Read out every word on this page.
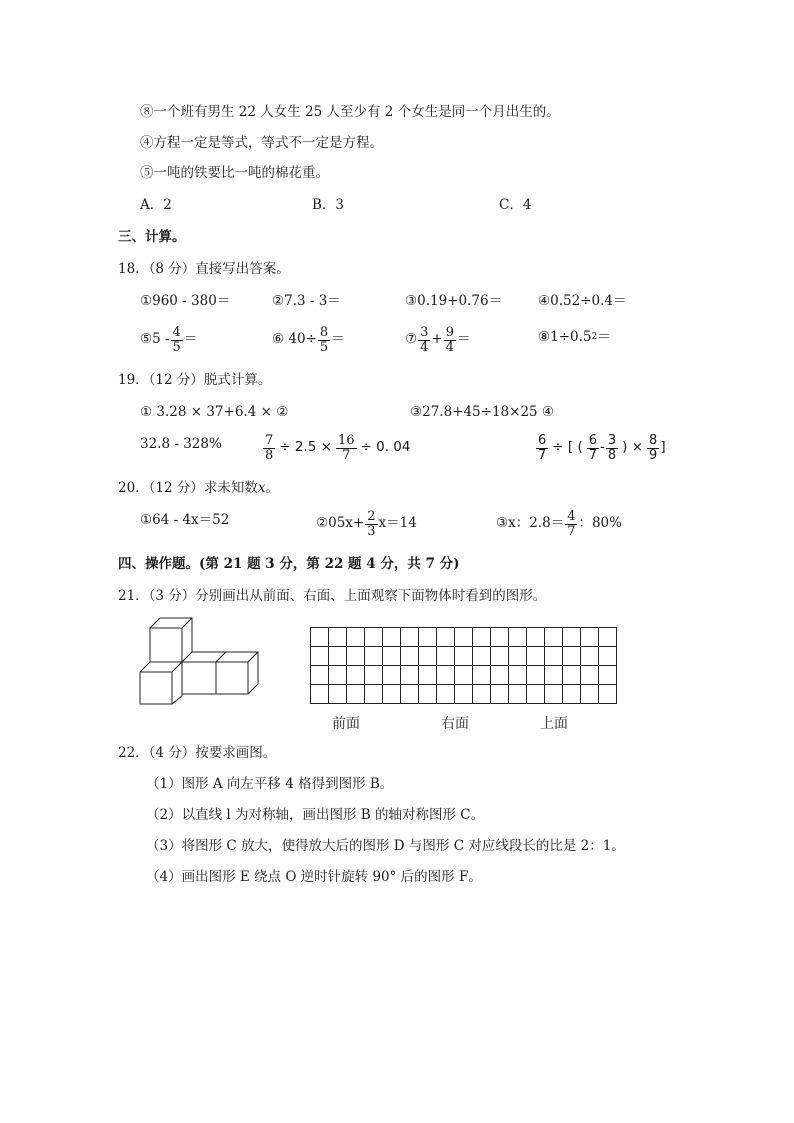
⑧一个班有男生 22 人女生 25 人至少有 2 个女生是同一个月出生的。
④方程一定是等式，等式不一定是方程。
⑤一吨的铁要比一吨的棉花重。
A．2	B．3	C．4
三、计算。
18．（8 分）直接写出答案。
①960 - 380＝	②7.3 - 3＝	③0.19+0.76＝	④0.52÷0.4＝
⑤5 - $\frac{4}{5}$ ＝	⑥ $40\div \frac{8}{5}$ ＝	⑦ $\frac{3}{4} + \frac{9}{4}$ ＝	⑧1÷0.5 2 ＝
19．（12 分）脱式计算。
① 3.28 × 37+6.4 × ②	③27.8+45÷18×25 ④
32.8 - 328%	$\frac{7}{8} \div 2.5 \times \frac{16}{7} \div 0$. 04	$\frac{6}{7}$ ÷ [ ( $\frac{6}{7} - \frac{3}{8}$ ) × $\frac{8}{9}$ ]
20．（12 分）求未知数x。
①64 - 4x＝52	②05x+ $\frac{2}{3} x=14$	③x：$2.8= \frac{4}{7}$ ：80%
四、操作题。(第 21 题 3 分，第 22 题 4 分，共 7 分)
21．（3 分）分别画出从前面、右面、上面观察下面物体时看到的图形。

前面	右面	上面
22．（4 分）按要求画图。
（1）图形 A 向左平移 4 格得到图形 B。
（2）以直线 l 为对称轴，画出图形 B 的轴对称图形 C。
（3）将图形 C 放大，使得放大后的图形 D 与图形 C 对应线段长的比是 2：1。
（4）画出图形 E 绕点 O 逆时针旋转 90° 后的图形 F。
